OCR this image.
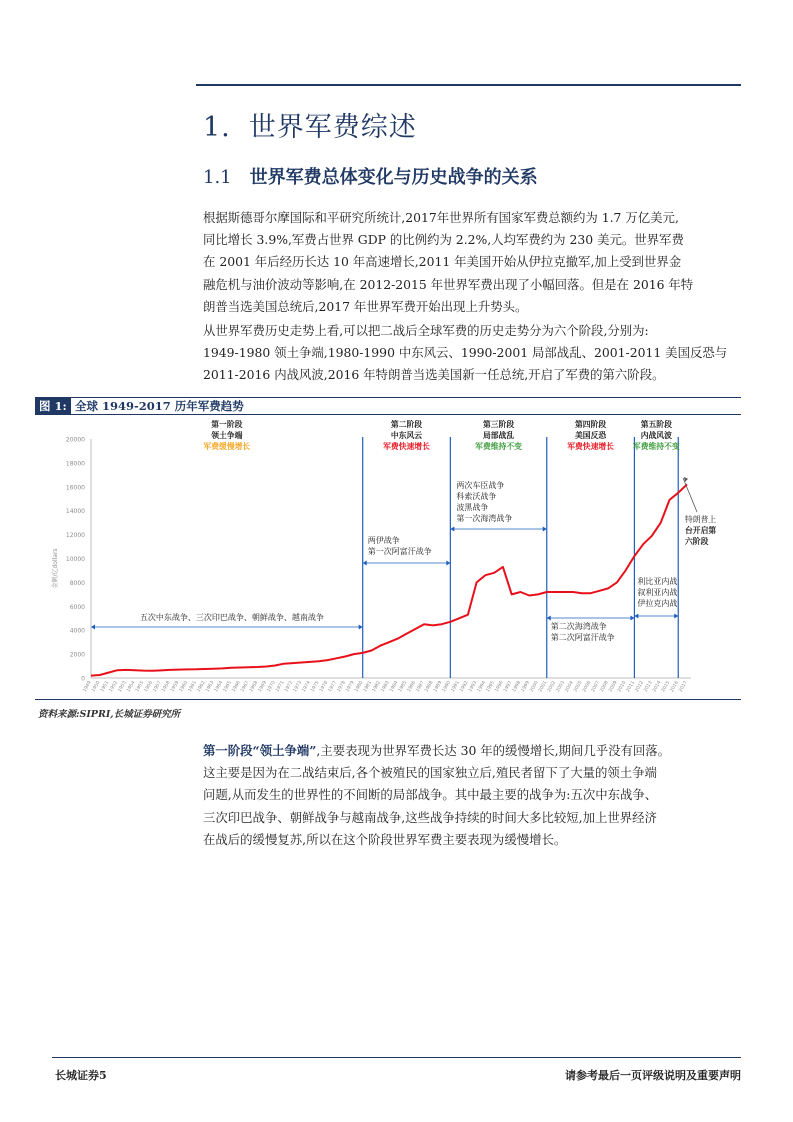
1. 世界军费综述
1.1 世界军费总体变化与历史战争的关系
根据斯德哥尔摩国际和平研究所统计,2017年世界所有国家军费总额约为 1.7 万亿美元,
同比增长 3.9%,军费占世界 GDP 的比例约为 2.2%,人均军费约为 230 美元。世界军费
在 2001 年后经历长达 10 年高速增长,2011 年美国开始从伊拉克撤军,加上受到世界金
融危机与油价波动等影响,在 2012-2015 年世界军费出现了小幅回落。但是在 2016 年特
朗普当选美国总统后,2017 年世界军费开始出现上升势头。
从世界军费历史走势上看,可以把二战后全球军费的历史走势分为六个阶段,分别为:
1949-1980 领土争端,1980-1990 中东风云、1990-2001 局部战乱、2001-2011 美国反恐与
2011-2016 内战风波,2016 年特朗普当选美国新一任总统,开启了军费的第六阶段。
图 1: 全球 1949-2017 历年军费趋势
0
2000
4000
6000
8000
10000
12000
14000
16000
18000
20000
金额/亿dollars
1949
1950
1951
1952
1953
1954
1955
1956
1957
1958
1959
1960
1961
1962
1963
1964
1965
1966
1967
1968
1969
1970
1971
1972
1973
1974
1975
1976
1977
1978
1979
1980
1981
1982
1983
1984
1985
1986
1987
1988
1989
1990
1991
1992
1993
1994
1995
1996
1997
1998
1999
2000
2001
2002
2003
2004
2005
2006
2007
2008
2009
2010
2011
2012
2013
2014
2015
2016
2017
第一阶段
领土争端
军费缓慢增长
第二阶段
中东风云
军费快速增长
第三阶段
局部战乱
军费维持不变
第四阶段
美国反恐
军费快速增长
第五阶段
内战风波
军费维持不变
五次中东战争、三次印巴战争、朝鲜战争、越南战争
两伊战争
第一次阿富汗战争
两次车臣战争
科索沃战争
波黑战争
第一次海湾战争
第二次海湾战争
第二次阿富汗战争
利比亚内战
叙利亚内战
伊拉克内战
特朗普上
台开启第
六阶段
资料来源:SIPRI,长城证券研究所
第一阶段“领土争端”,主要表现为世界军费长达 30 年的缓慢增长,期间几乎没有回落。
这主要是因为在二战结束后,各个被殖民的国家独立后,殖民者留下了大量的领土争端
问题,从而发生的世界性的不间断的局部战争。其中最主要的战争为:五次中东战争、
三次印巴战争、朝鲜战争与越南战争,这些战争持续的时间大多比较短,加上世界经济
在战后的缓慢复苏,所以在这个阶段世界军费主要表现为缓慢增长。
长城证券5	请参考最后一页评级说明及重要声明
